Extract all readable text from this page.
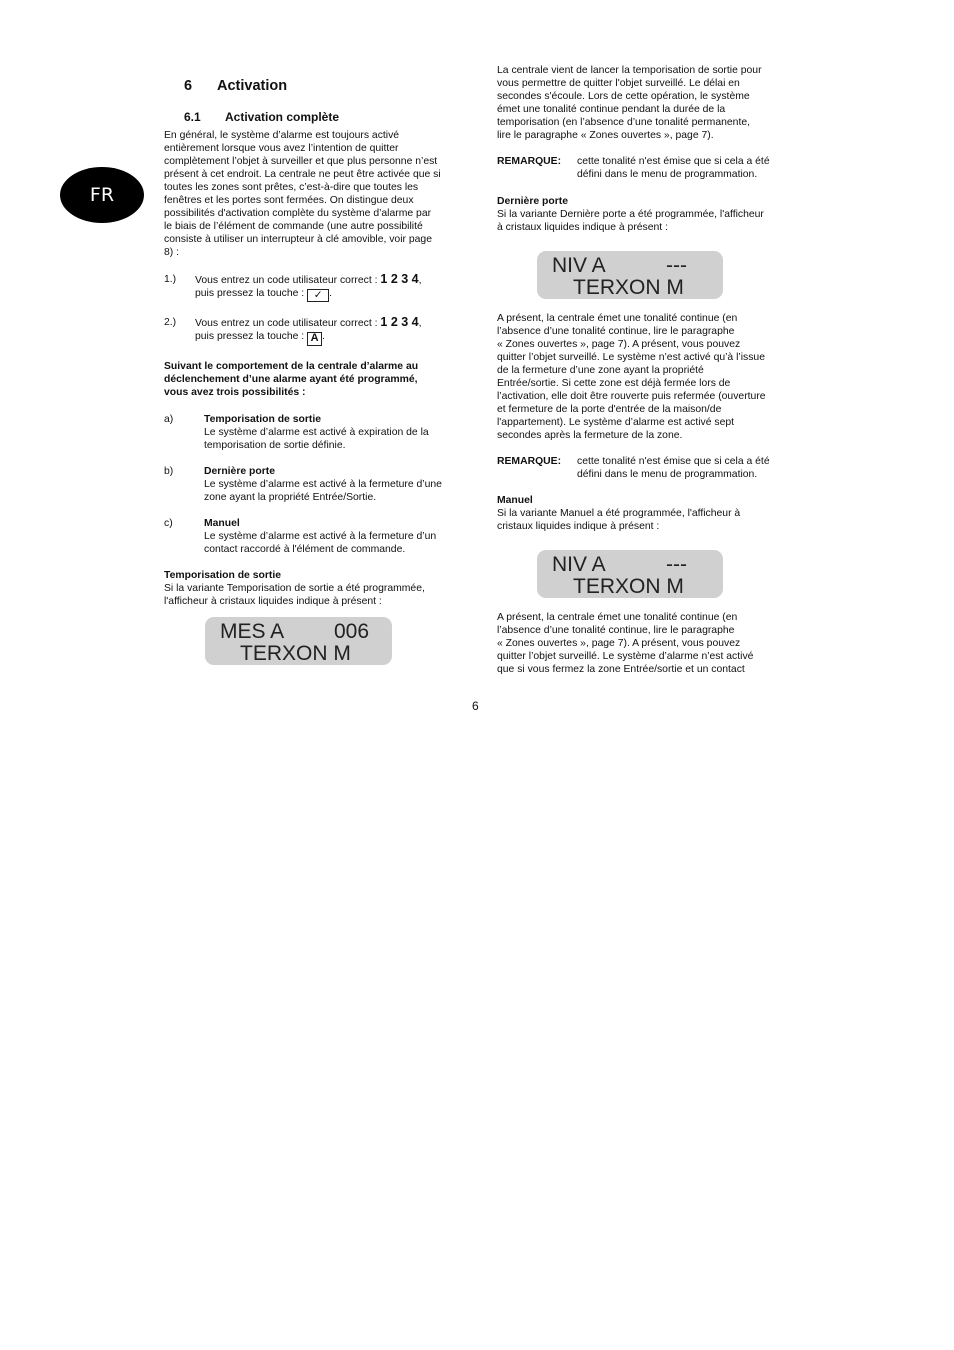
FR
6 Activation
6.1 Activation complète
En général, le système d’alarme est toujours activé
entièrement lorsque vous avez l’intention de quitter
complètement l’objet à surveiller et que plus personne n’est
présent à cet endroit. La centrale ne peut être activée que si
toutes les zones sont prêtes, c’est-à-dire que toutes les
fenêtres et les portes sont fermées. On distingue deux
possibilités d'activation complète du système d’alarme par
le biais de l’élément de commande (une autre possibilité
consiste à utiliser un interrupteur à clé amovible, voir page
8) :
1.) Vous entrez un code utilisateur correct : 1 2 3 4,
puis pressez la touche : ✓ .
2.) Vous entrez un code utilisateur correct : 1 2 3 4,
puis pressez la touche : A .
Suivant le comportement de la centrale d’alarme au
déclenchement d’une alarme ayant été programmé,
vous avez trois possibilités :
a)	Temporisation de sortie
Le système d’alarme est activé à expiration de la
temporisation de sortie définie.
b)	Dernière porte
Le système d’alarme est activé à la fermeture d’une
zone ayant la propriété Entrée/Sortie.
c)	Manuel
Le système d’alarme est activé à la fermeture d’un
contact raccordé à l'élément de commande.
Temporisation de sortie
Si la variante Temporisation de sortie a été programmée,
l'afficheur à cristaux liquides indique à présent :
MES A 006
TERXON M
La centrale vient de lancer la temporisation de sortie pour
vous permettre de quitter l'objet surveillé. Le délai en
secondes s'écoule. Lors de cette opération, le système
émet une tonalité continue pendant la durée de la
temporisation (en l’absence d’une tonalité permanente,
lire le paragraphe « Zones ouvertes », page 7).
REMARQUE: cette tonalité n'est émise que si cela a été
défini dans le menu de programmation.
Dernière porte
Si la variante Dernière porte a été programmée, l'afficheur
à cristaux liquides indique à présent :
NIV A	---
TERXON M
A présent, la centrale émet une tonalité continue (en
l’absence d’une tonalité continue, lire le paragraphe
« Zones ouvertes », page 7). A présent, vous pouvez
quitter l’objet surveillé. Le système n’est activé qu’à l’issue
de la fermeture d’une zone ayant la propriété
Entrée/sortie. Si cette zone est déjà fermée lors de
l’activation, elle doit être rouverte puis refermée (ouverture
et fermeture de la porte d'entrée de la maison/de
l'appartement). Le système d’alarme est activé sept
secondes après la fermeture de la zone.
REMARQUE: cette tonalité n'est émise que si cela a été
défini dans le menu de programmation.
Manuel
Si la variante Manuel a été programmée, l'afficheur à
cristaux liquides indique à présent :
NIV A	---
TERXON M
A présent, la centrale émet une tonalité continue (en
l’absence d’une tonalité continue, lire le paragraphe
« Zones ouvertes », page 7). A présent, vous pouvez
quitter l’objet surveillé. Le système d’alarme n’est activé
que si vous fermez la zone Entrée/sortie et un contact
6
